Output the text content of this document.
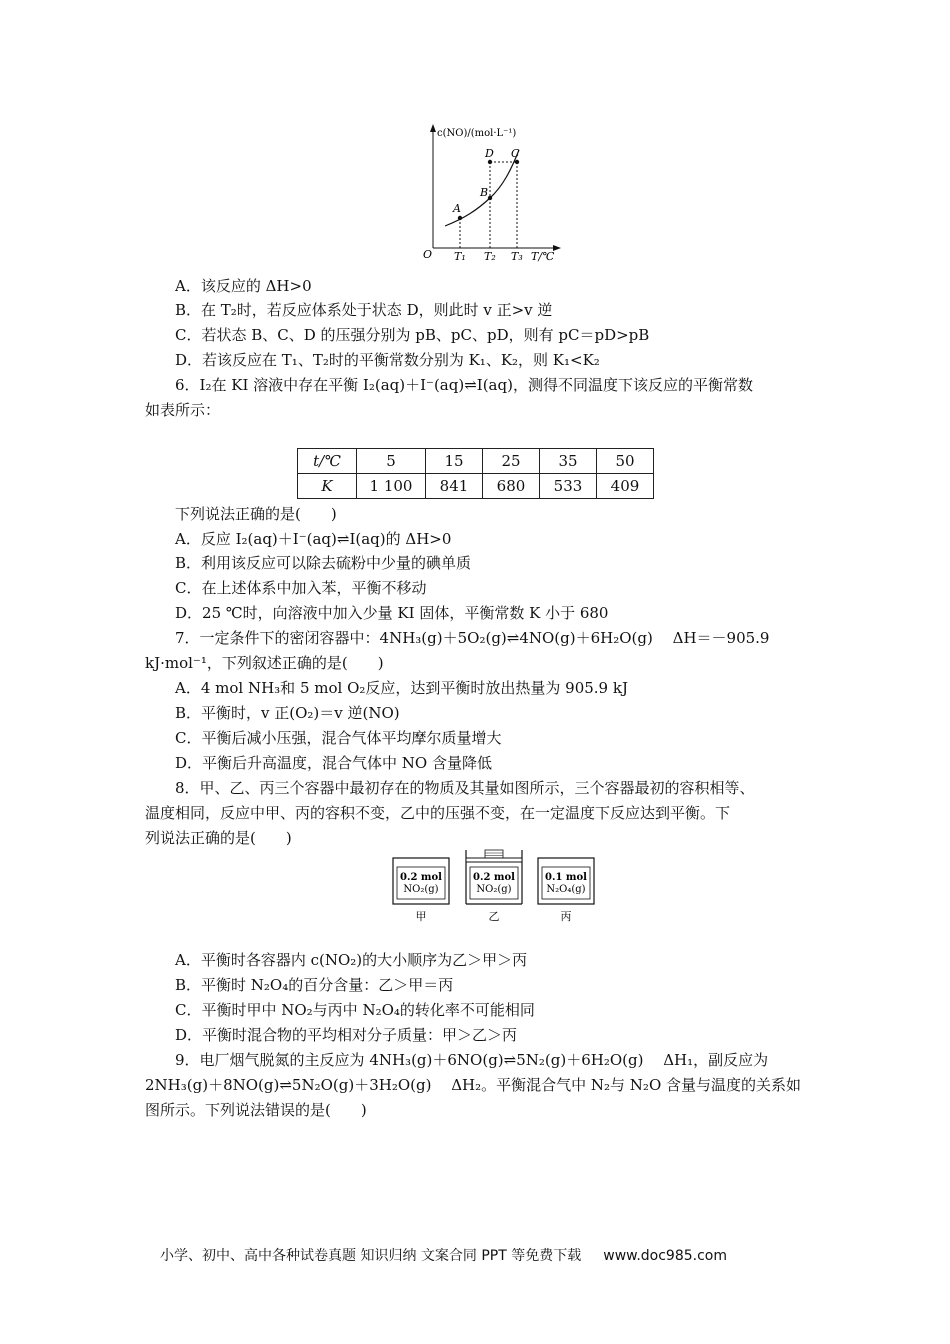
c(NO)/(mol·L⁻¹)
O	T/℃
A
B
C
D
T₁ T₂ T₃
A．该反应的 ΔH>0
B．在 T₂时，若反应体系处于状态 D，则此时 v 正>v 逆
C．若状态 B、C、D 的压强分别为 pB、pC、pD，则有 pC＝pD>pB
D．若该反应在 T₁、T₂时的平衡常数分别为 K₁、K₂，则 K₁<K₂
6．I₂在 KI 溶液中存在平衡 I₂(aq)＋I⁻(aq)⇌I(aq)，测得不同温度下该反应的平衡常数
如表所示：
t/℃	5	15	25	35	50
K	1 100	841	680	533	409
下列说法正确的是(　　)
A．反应 I₂(aq)＋I⁻(aq)⇌I(aq)的 ΔH>0
B．利用该反应可以除去硫粉中少量的碘单质
C．在上述体系中加入苯，平衡不移动
D．25 ℃时，向溶液中加入少量 KI 固体，平衡常数 K 小于 680
7．一定条件下的密闭容器中：4NH₃(g)＋5O₂(g)⇌4NO(g)＋6H₂O(g)　 ΔH＝－905.9
kJ·mol⁻¹，下列叙述正确的是(　　)
A．4 mol NH₃和 5 mol O₂反应，达到平衡时放出热量为 905.9 kJ
B．平衡时，v 正(O₂)＝v 逆(NO)
C．平衡后减小压强，混合气体平均摩尔质量增大
D．平衡后升高温度，混合气体中 NO 含量降低
8．甲、乙、丙三个容器中最初存在的物质及其量如图所示，三个容器最初的容积相等、
温度相同，反应中甲、丙的容积不变，乙中的压强不变，在一定温度下反应达到平衡。下
列说法正确的是(　　)
0.2 mol
NO₂(g)
甲
0.2 mol
NO₂(g)
乙
0.1 mol
N₂O₄(g)
丙
A．平衡时各容器内 c(NO₂)的大小顺序为乙＞甲＞丙
B．平衡时 N₂O₄的百分含量：乙＞甲＝丙
C．平衡时甲中 NO₂与丙中 N₂O₄的转化率不可能相同
D．平衡时混合物的平均相对分子质量：甲＞乙＞丙
9．电厂烟气脱氮的主反应为 4NH₃(g)＋6NO(g)⇌5N₂(g)＋6H₂O(g)　 ΔH₁，副反应为
2NH₃(g)＋8NO(g)⇌5N₂O(g)＋3H₂O(g)　 ΔH₂。平衡混合气中 N₂与 N₂O 含量与温度的关系如
图所示。下列说法错误的是(　　)
小学、初中、高中各种试卷真题 知识归纳 文案合同 PPT 等免费下载 www.doc985.com
